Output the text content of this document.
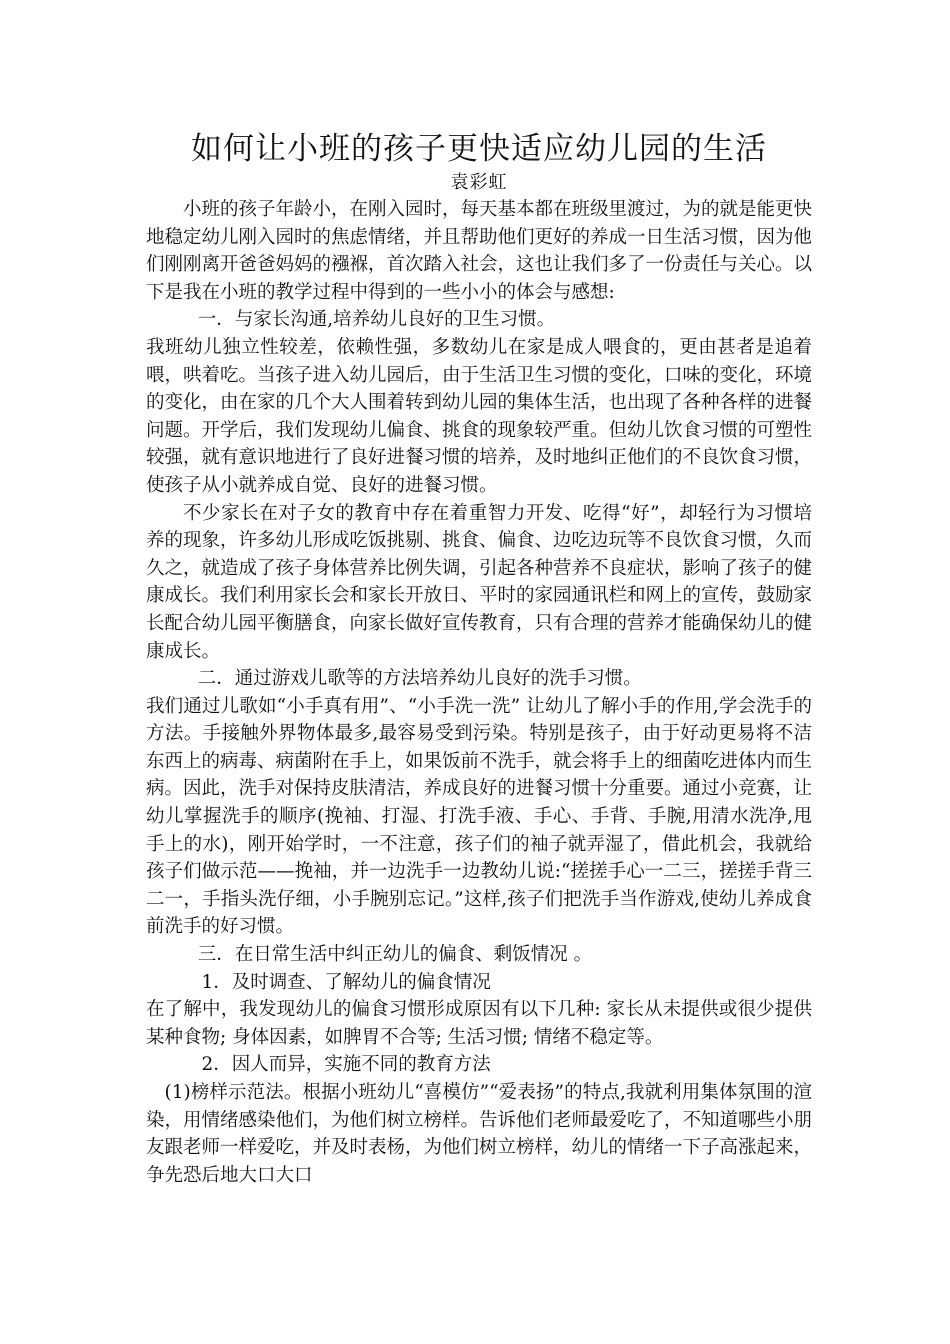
如何让小班的孩子更快适应幼儿园的生活

袁彩虹

小班的孩子年龄小，在刚入园时，每天基本都在班级里渡过，为的就是能更快地稳定幼儿刚入园时的焦虑情绪，并且帮助他们更好的养成一日生活习惯，因为他们刚刚离开爸爸妈妈的襁褓，首次踏入社会，这也让我们多了一份责任与关心。以下是我在小班的教学过程中得到的一些小小的体会与感想:

一．与家长沟通,培养幼儿良好的卫生习惯。

我班幼儿独立性较差，依赖性强，多数幼儿在家是成人喂食的，更由甚者是追着喂，哄着吃。当孩子进入幼儿园后，由于生活卫生习惯的变化，口味的变化，环境的变化，由在家的几个大人围着转到幼儿园的集体生活，也出现了各种各样的进餐问题。开学后，我们发现幼儿偏食、挑食的现象较严重。但幼儿饮食习惯的可塑性较强，就有意识地进行了良好进餐习惯的培养，及时地纠正他们的不良饮食习惯，使孩子从小就养成自觉、良好的进餐习惯。

不少家长在对子女的教育中存在着重智力开发、吃得“好”，却轻行为习惯培养的现象，许多幼儿形成吃饭挑剔、挑食、偏食、边吃边玩等不良饮食习惯，久而久之，就造成了孩子身体营养比例失调，引起各种营养不良症状，影响了孩子的健康成长。我们利用家长会和家长开放日、平时的家园通讯栏和网上的宣传，鼓励家长配合幼儿园平衡膳食，向家长做好宣传教育，只有合理的营养才能确保幼儿的健康成长。

二．通过游戏儿歌等的方法培养幼儿良好的洗手习惯。

我们通过儿歌如“小手真有用”、“小手洗一洗” 让幼儿了解小手的作用,学会洗手的方法。手接触外界物体最多,最容易受到污染。特别是孩子，由于好动更易将不洁东西上的病毒、病菌附在手上，如果饭前不洗手，就会将手上的细菌吃进体内而生病。因此，洗手对保持皮肤清洁，养成良好的进餐习惯十分重要。通过小竞赛，让幼儿掌握洗手的顺序(挽袖、打湿、打洗手液、手心、手背、手腕,用清水洗净,甩手上的水)，刚开始学时，一不注意，孩子们的袖子就弄湿了，借此机会，我就给孩子们做示范——挽袖，并一边洗手一边教幼儿说:“搓搓手心一二三，搓搓手背三二一，手指头洗仔细，小手腕别忘记。”这样,孩子们把洗手当作游戏,使幼儿养成食前洗手的好习惯。

三．在日常生活中纠正幼儿的偏食、剩饭情况 。

1．及时调查、了解幼儿的偏食情况

在了解中，我发现幼儿的偏食习惯形成原因有以下几种: 家长从未提供或很少提供某种食物; 身体因素，如脾胃不合等; 生活习惯; 情绪不稳定等。

2．因人而异，实施不同的教育方法

(1)榜样示范法。根据小班幼儿“喜模仿”“爱表扬”的特点,我就利用集体氛围的渲染，用情绪感染他们，为他们树立榜样。告诉他们老师最爱吃了，不知道哪些小朋友跟老师一样爱吃，并及时表杨，为他们树立榜样，幼儿的情绪一下子高涨起来，争先恐后地大口大口
